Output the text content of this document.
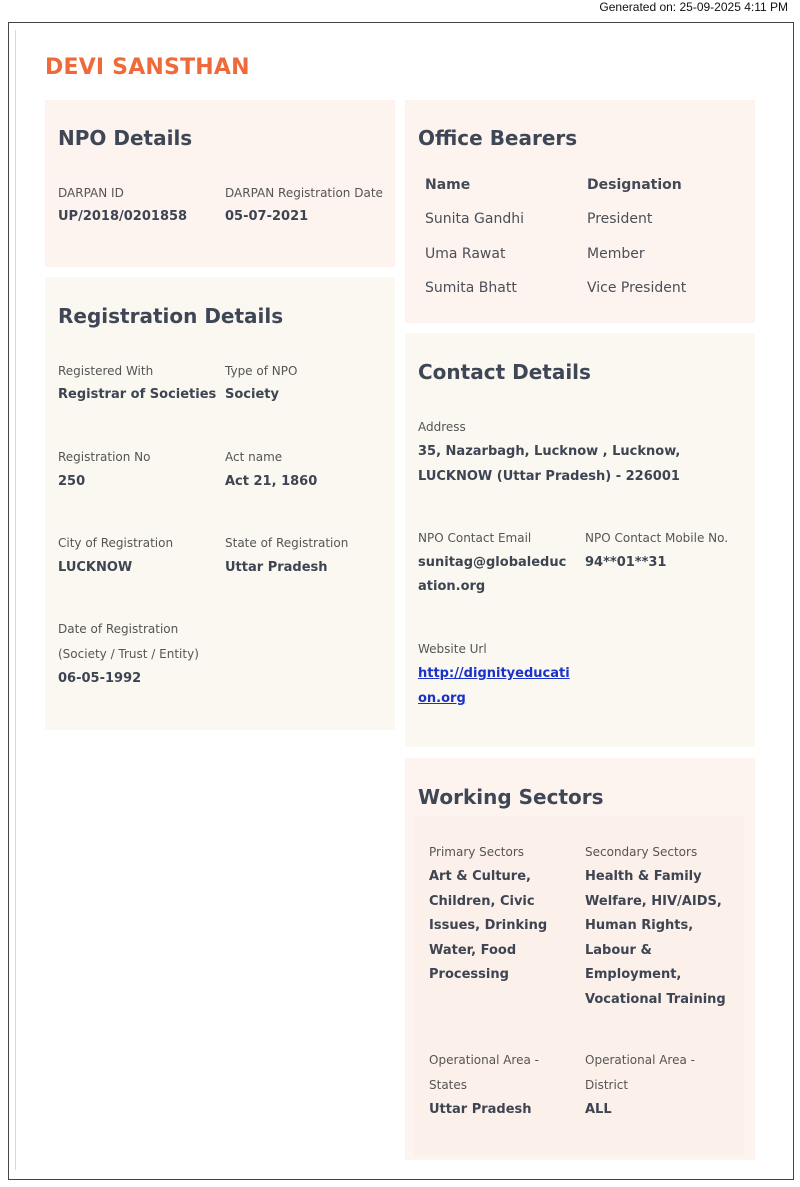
Generated on: 25-09-2025 4:11 PM
DEVI SANSTHAN
NPO Details
DARPAN ID
UP/2018/0201858
DARPAN Registration Date
05-07-2021
Registration Details
Registered With
Registrar of Societies
Type of NPO
Society
Registration No
250
Act name
Act 21, 1860
City of Registration
LUCKNOW
State of Registration
Uttar Pradesh
Date of Registration
(Society / Trust / Entity)
06-05-1992
Office Bearers
Name	Designation
Sunita Gandhi	President
Uma Rawat	Member
Sumita Bhatt	Vice President
Contact Details
Address
35, Nazarbagh, Lucknow , Lucknow,
LUCKNOW (Uttar Pradesh) - 226001
NPO Contact Email
sunitag@globaleduc
ation.org
NPO Contact Mobile No.
94**01**31
Website Url
http://dignityeducati
on.org
Working Sectors
Primary Sectors
Art & Culture,
Children, Civic
Issues, Drinking
Water, Food
Processing
Secondary Sectors
Health & Family
Welfare, HIV/AIDS,
Human Rights,
Labour &
Employment,
Vocational Training
Operational Area -
States
Uttar Pradesh
Operational Area -
District
ALL
